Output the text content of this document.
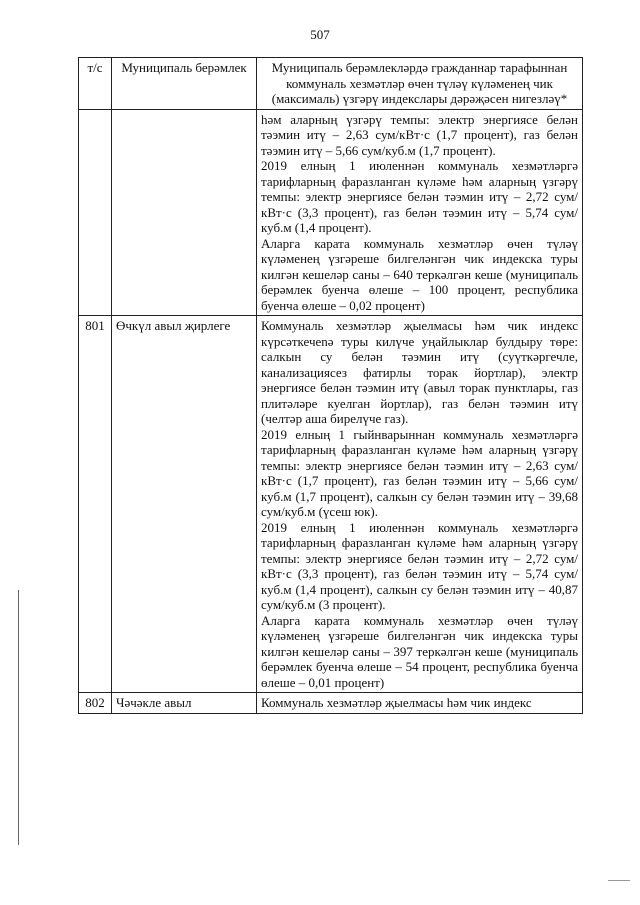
507
т/с	Муниципаль берәмлек	Муниципаль берәмлекләрдә гражданнар тарафыннан коммуналь хезмәтләр өчен түләү күләменең чик (максималь) үзгәрү индекслары дәрәҗәсен нигезләү*

		һәм аларның үзгәрү темпы: электр энергиясе белән тәэмин итү – 2,63 сум/кВт·с (1,7 процент), газ белән тәэмин итү – 5,66 сум/куб.м (1,7 процент).

2019 елның 1 июленнән коммуналь хезмәтләргә тарифларның фаразланган күләме һәм аларның үзгәрү темпы: электр энергиясе белән тәэмин итү – 2,72 сум/кВт·с (3,3 процент), газ белән тәэмин итү – 5,74 сум/куб.м (1,4 процент).

Аларга карата коммуналь хезмәтләр өчен түләү күләменең үзгәреше билгеләнгән чик индекска туры килгән кешеләр саны – 640 теркәлгән кеше (муниципаль берәмлек буенча өлеше – 100 процент, республика буенча өлеше – 0,02 процент)

801	Өчкүл авыл җирлеге	Коммуналь хезмәтләр җыелмасы һәм чик индекс күрсәткечenә туры килүче уңайлыклар булдыру төре: салкын су белән тәэмин итү (суүткәргечле, канализациясез фатирлы торак йортлар), электр энергиясе белән тәэмин итү (авыл торак пунктлары, газ плитәләре куелган йортлар), газ белән тәэмин итү (челтәр аша бирелүче газ).

2019 елның 1 гыйнварыннан коммуналь хезмәтләргә тарифларның фаразланган күләме һәм аларның үзгәрү темпы: электр энергиясе белән тәэмин итү – 2,63 сум/кВт·с (1,7 процент), газ белән тәэмин итү – 5,66 сум/куб.м (1,7 процент), салкын су белән тәэмин итү – 39,68 сум/куб.м (үсеш юк).

2019 елның 1 июленнән коммуналь хезмәтләргә тарифларның фаразланган күләме һәм аларның үзгәрү темпы: электр энергиясе белән тәэмин итү – 2,72 сум/кВт·с (3,3 процент), газ белән тәэмин итү – 5,74 сум/куб.м (1,4 процент), салкын су белән тәэмин итү – 40,87 сум/куб.м (3 процент).

Аларга карата коммуналь хезмәтләр өчен түләү күләменең үзгәреше билгеләнгән чик индекска туры килгән кешеләр саны – 397 теркәлгән кеше (муниципаль берәмлек буенча өлеше – 54 процент, республика буенча өлеше – 0,01 процент)

802	Чәчәкле авыл	Коммуналь хезмәтләр җыелмасы һәм чик индекс
